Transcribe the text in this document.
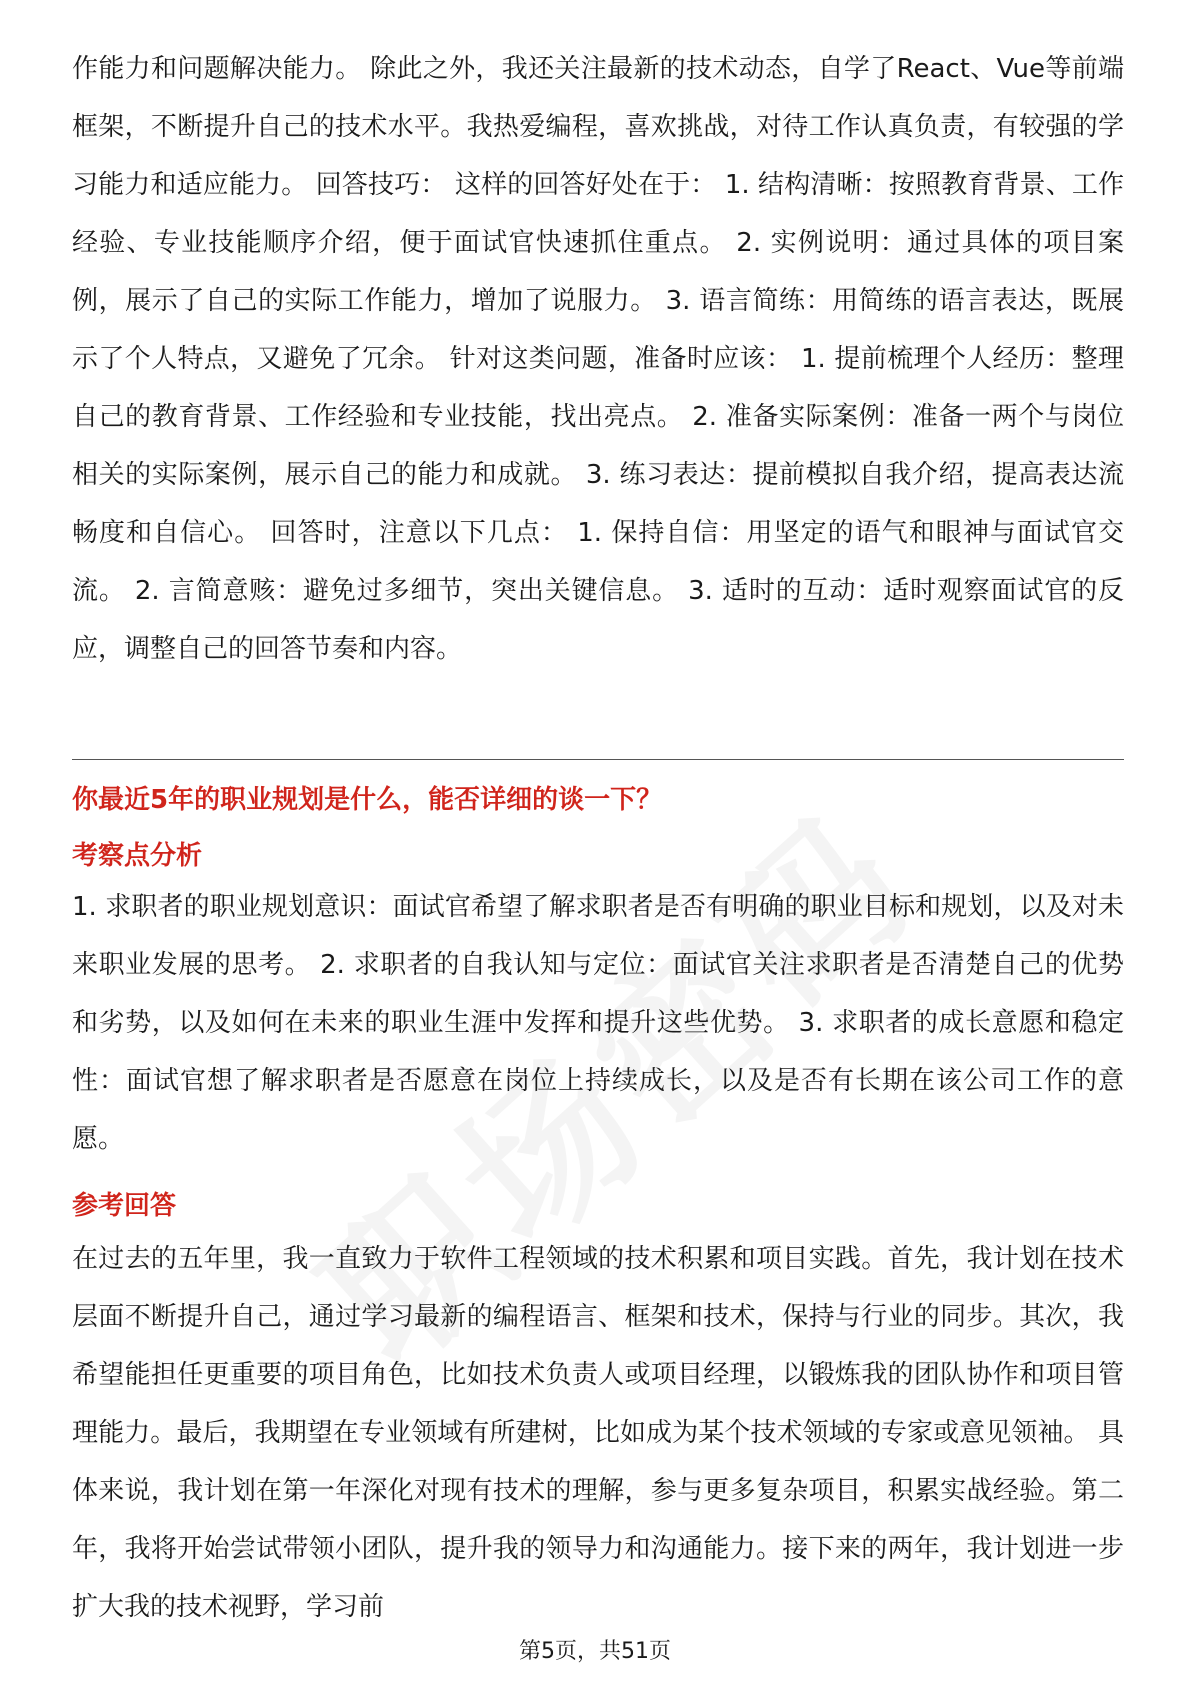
作能力和问题解决能力。 除此之外，我还关注最新的技术动态，自学了React、Vue等前端框架，不断提升自己的技术水平。我热爱编程，喜欢挑战，对待工作认真负责，有较强的学习能力和适应能力。 回答技巧： 这样的回答好处在于： 1. 结构清晰：按照教育背景、工作经验、专业技能顺序介绍，便于面试官快速抓住重点。 2. 实例说明：通过具体的项目案例，展示了自己的实际工作能力，增加了说服力。 3. 语言简练：用简练的语言表达，既展示了个人特点，又避免了冗余。 针对这类问题，准备时应该： 1. 提前梳理个人经历：整理自己的教育背景、工作经验和专业技能，找出亮点。 2. 准备实际案例：准备一两个与岗位相关的实际案例，展示自己的能力和成就。 3. 练习表达：提前模拟自我介绍，提高表达流畅度和自信心。 回答时，注意以下几点： 1. 保持自信：用坚定的语气和眼神与面试官交流。 2. 言简意赅：避免过多细节，突出关键信息。 3. 适时的互动：适时观察面试官的反应，调整自己的回答节奏和内容。

你最近5年的职业规划是什么，能否详细的谈一下？
考察点分析

1. 求职者的职业规划意识：面试官希望了解求职者是否有明确的职业目标和规划，以及对未来职业发展的思考。 2. 求职者的自我认知与定位：面试官关注求职者是否清楚自己的优势和劣势，以及如何在未来的职业生涯中发挥和提升这些优势。 3. 求职者的成长意愿和稳定性：面试官想了解求职者是否愿意在岗位上持续成长，以及是否有长期在该公司工作的意愿。

参考回答

在过去的五年里，我一直致力于软件工程领域的技术积累和项目实践。首先，我计划在技术层面不断提升自己，通过学习最新的编程语言、框架和技术，保持与行业的同步。其次，我希望能担任更重要的项目角色，比如技术负责人或项目经理，以锻炼我的团队协作和项目管理能力。最后，我期望在专业领域有所建树，比如成为某个技术领域的专家或意见领袖。 具体来说，我计划在第一年深化对现有技术的理解，参与更多复杂项目，积累实战经验。第二年，我将开始尝试带领小团队，提升我的领导力和沟通能力。接下来的两年，我计划进一步扩大我的技术视野，学习前

第5页，共51页
